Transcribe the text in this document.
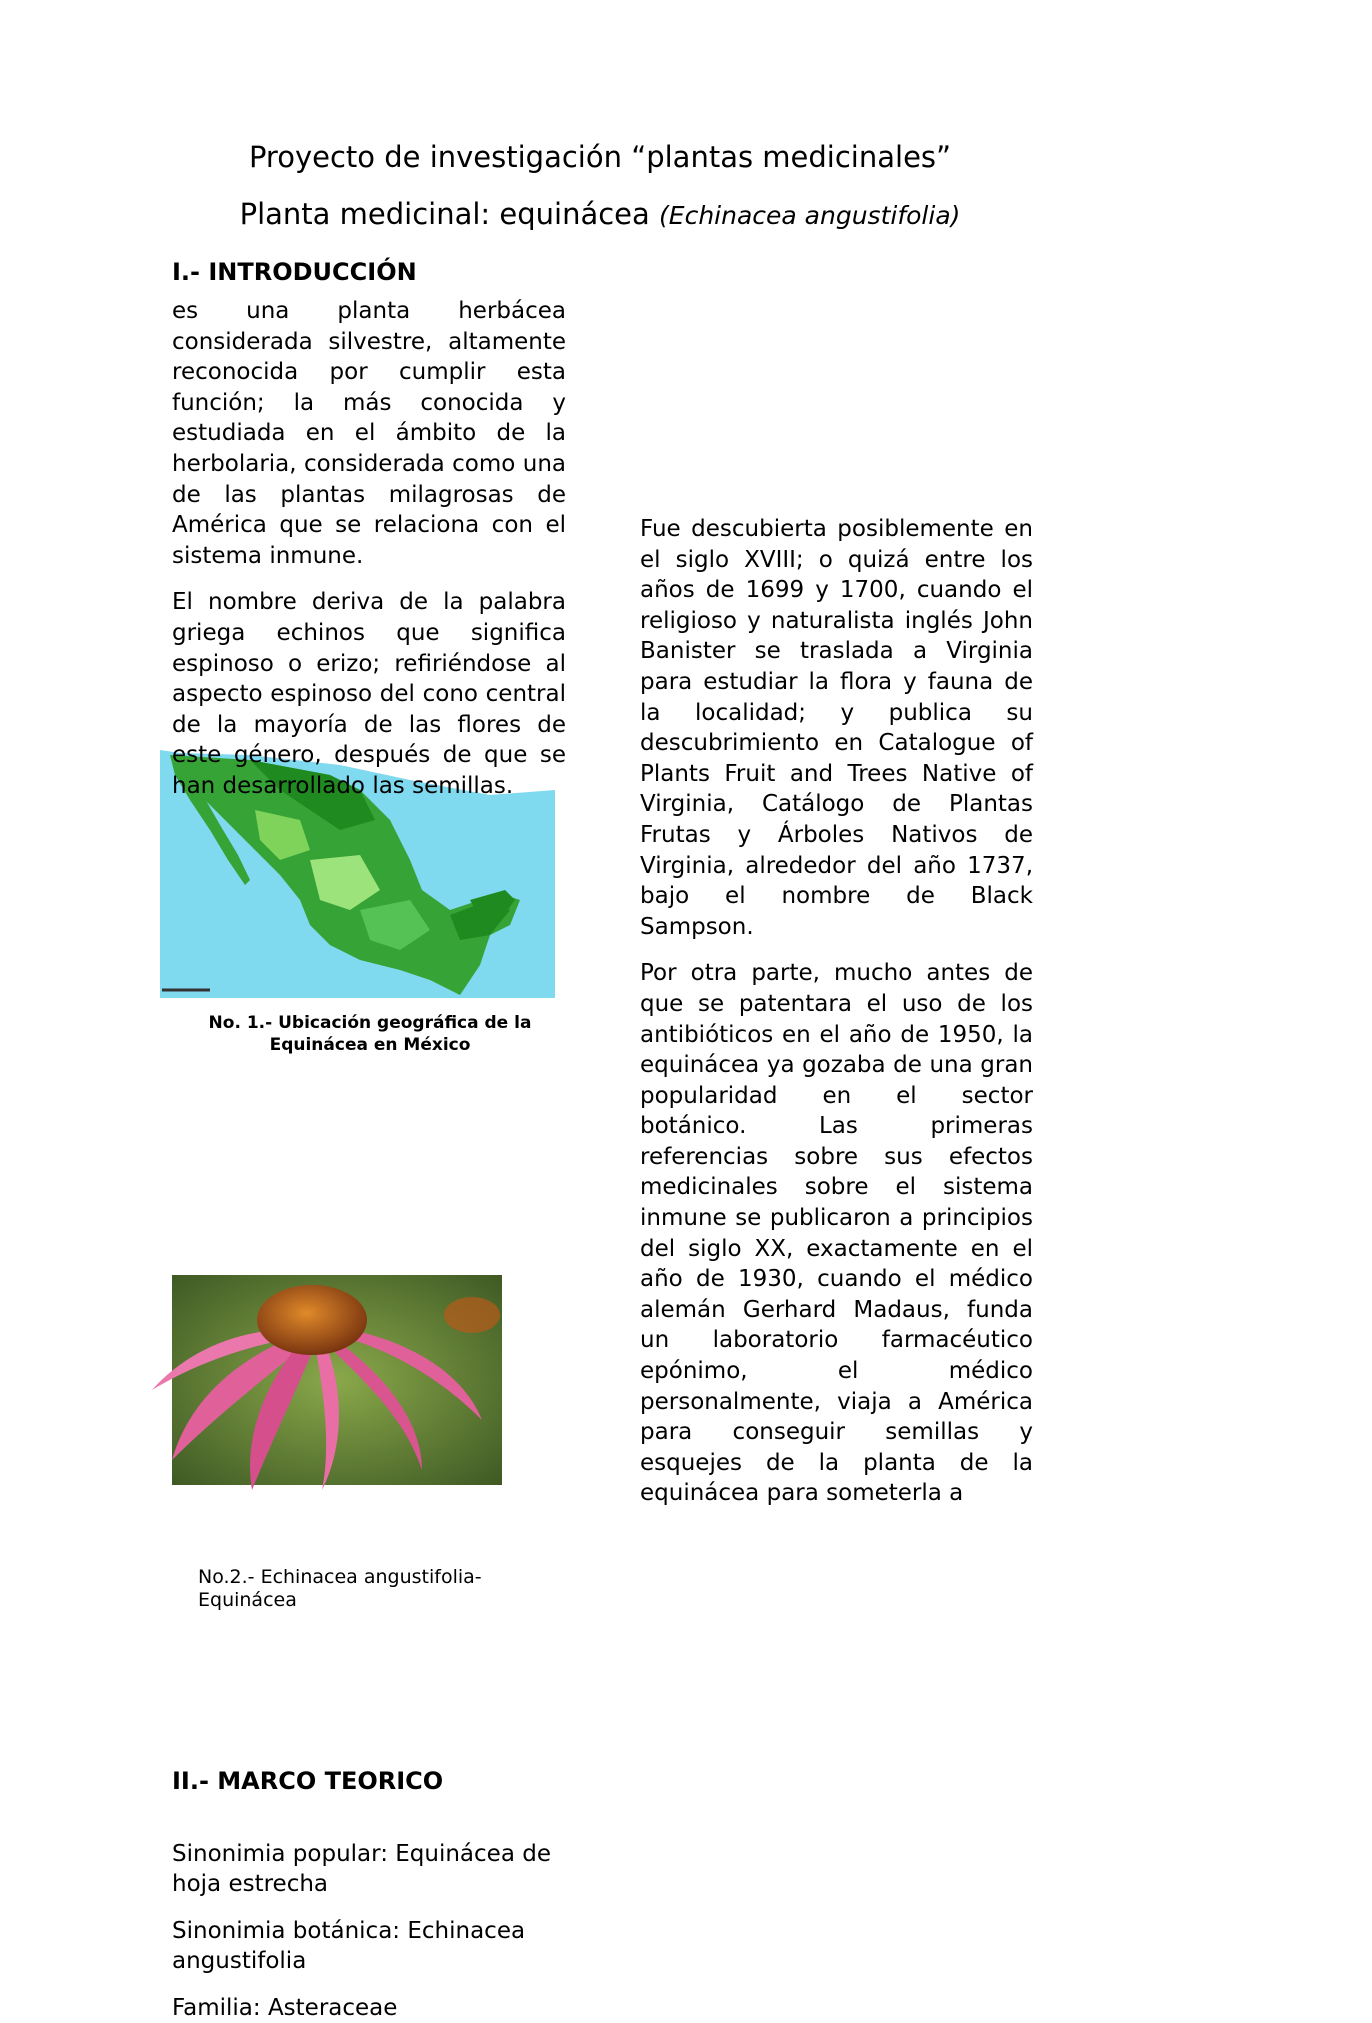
Proyecto de investigación “plantas medicinales”
Planta medicinal: equinácea (Echinacea angustifolia)
I.- INTRODUCCIÓN

es una planta herbácea considerada silvestre, altamente reconocida por cumplir esta función; la más conocida y estudiada en el ámbito de la herbolaria, considerada como una de las plantas milagrosas de América que se relaciona con el sistema inmune.

El nombre deriva de la palabra griega echinos que significa espinoso o erizo; refiriéndose al aspecto espinoso del cono central de la mayoría de las flores de este género, después de que se han desarrollado las semillas.

No. 1.- Ubicación geográfica de la Equinácea en México
II.- MARCO TEORICO

Sinonimia popular: Equinácea de hoja estrecha

Sinonimia botánica: Echinacea angustifolia

Familia: Asteraceae

No.2.- Echinacea angustifolia-Equinácea

Fue descubierta posiblemente en el siglo XVIII; o quizá entre los años de 1699 y 1700, cuando el religioso y naturalista inglés John Banister se traslada a Virginia para estudiar la flora y fauna de la localidad; y publica su descubrimiento en Catalogue of Plants Fruit and Trees Native of Virginia, Catálogo de Plantas Frutas y Árboles Nativos de Virginia, alrededor del año 1737, bajo el nombre de Black Sampson.

Por otra parte, mucho antes de que se patentara el uso de los antibióticos en el año de 1950, la equinácea ya gozaba de una gran popularidad en el sector botánico. Las primeras referencias sobre sus efectos medicinales sobre el sistema inmune se publicaron a principios del siglo XX, exactamente en el año de 1930, cuando el médico alemán Gerhard Madaus, funda un laboratorio farmacéutico epónimo, el médico personalmente, viaja a América para conseguir semillas y esquejes de la planta de la equinácea para someterla a
